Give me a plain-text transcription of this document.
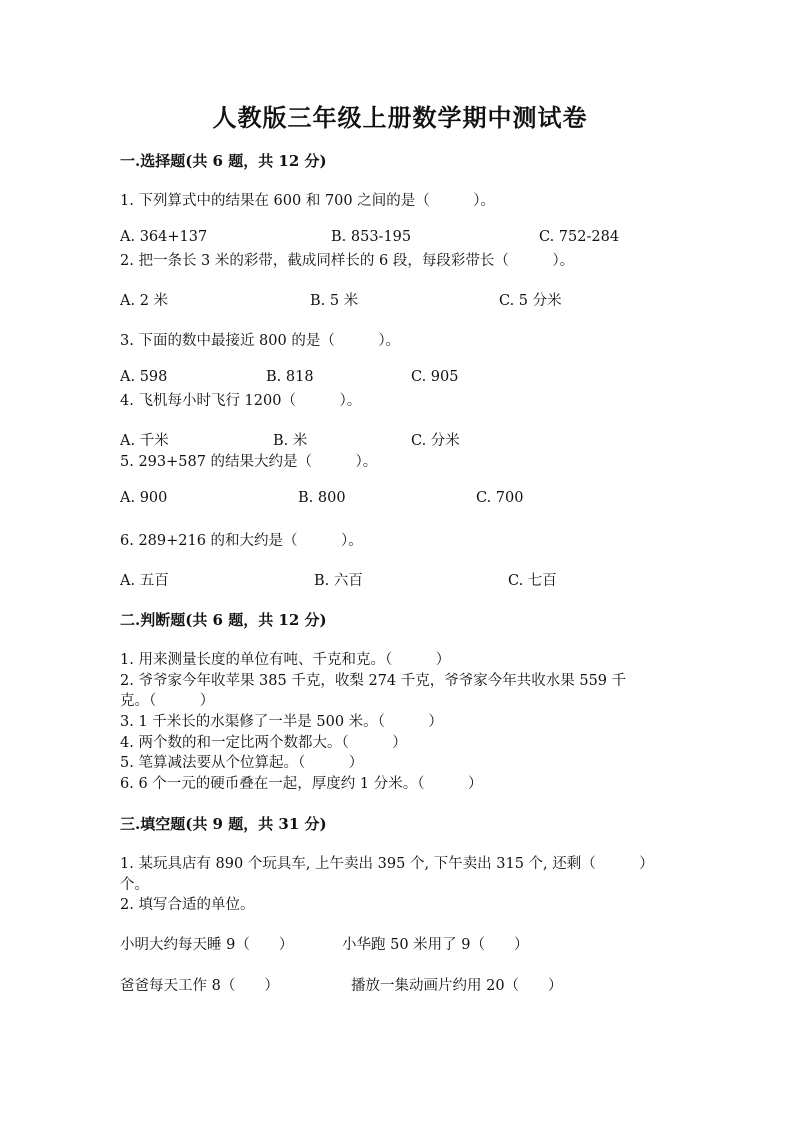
人教版三年级上册数学期中测试卷
一.选择题(共 6 题，共 12 分)
1. 下列算式中的结果在 600 和 700 之间的是（　　　）。
A. 364+137	B. 853-195	C. 752-284
2. 把一条长 3 米的彩带，截成同样长的 6 段，每段彩带长（　　　）。
A. 2 米	B. 5 米	C. 5 分米
3. 下面的数中最接近 800 的是（　　　）。
A. 598	B. 818	C. 905
4. 飞机每小时飞行 1200（　　　）。
A. 千米	B. 米	C. 分米
5. 293+587 的结果大约是（　　　）。
A. 900	B. 800	C. 700
6. 289+216 的和大约是（　　　）。
A. 五百	B. 六百	C. 七百
二.判断题(共 6 题，共 12 分)
1. 用来测量长度的单位有吨、千克和克。（　　　）
2. 爷爷家今年收苹果 385 千克，收梨 274 千克，爷爷家今年共收水果 559 千
克。（　　　）
3. 1 千米长的水渠修了一半是 500 米。（　　　）
4. 两个数的和一定比两个数都大。（　　　）
5. 笔算减法要从个位算起。（　　　）
6. 6 个一元的硬币叠在一起，厚度约 1 分米。（　　　）
三.填空题(共 9 题，共 31 分)
1. 某玩具店有 890 个玩具车, 上午卖出 395 个, 下午卖出 315 个, 还剩（　　　）
个。
2. 填写合适的单位。
小明大约每天睡 9（　　）	小华跑 50 米用了 9（　　）
爸爸每天工作 8（　　）	播放一集动画片约用 20（　　）
